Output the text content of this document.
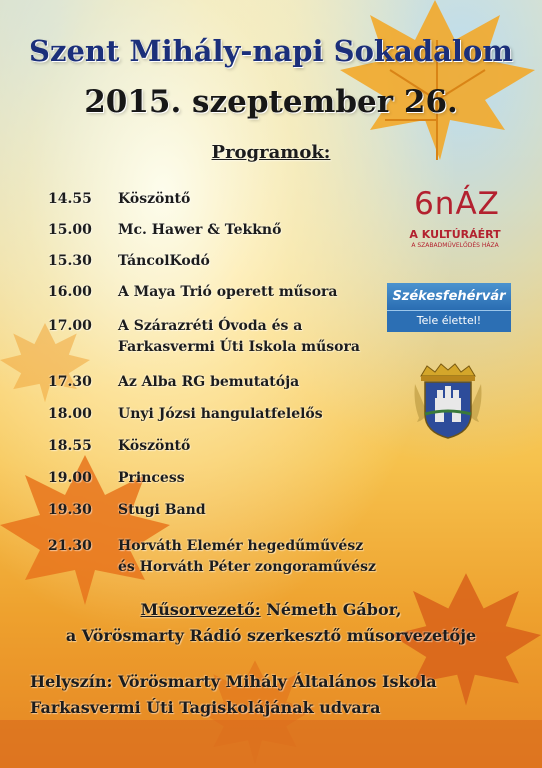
Szent Mihály-napi Sokadalom
2015. szeptember 26.
Programok:
14.55 Köszöntő
15.00 Mc. Hawer & Tekknő
15.30 TáncolKodó
16.00 A Maya Trió operett műsora
17.00 A Szárazréti Óvoda és a
Farkasvermi Úti Iskola műsora
17.30 Az Alba RG bemutatója
18.00 Unyi Józsi hangulatfelelős
18.55 Köszöntő
19.00 Princess
19.30 Stugi Band
21.30 Horváth Elemér hegedűművész
és Horváth Péter zongoraművész
Műsorvezető: Németh Gábor,
a Vörösmarty Rádió szerkesztő műsorvezetője
Helyszín: Vörösmarty Mihály Általános Iskola
Farkasvermi Úti Tagiskolájának udvara
6nÁZ
A KULTÚRÁÉRT
A SZABADMŰVELŐDÉS HÁZA
Székesfehérvár
Tele élettel!
